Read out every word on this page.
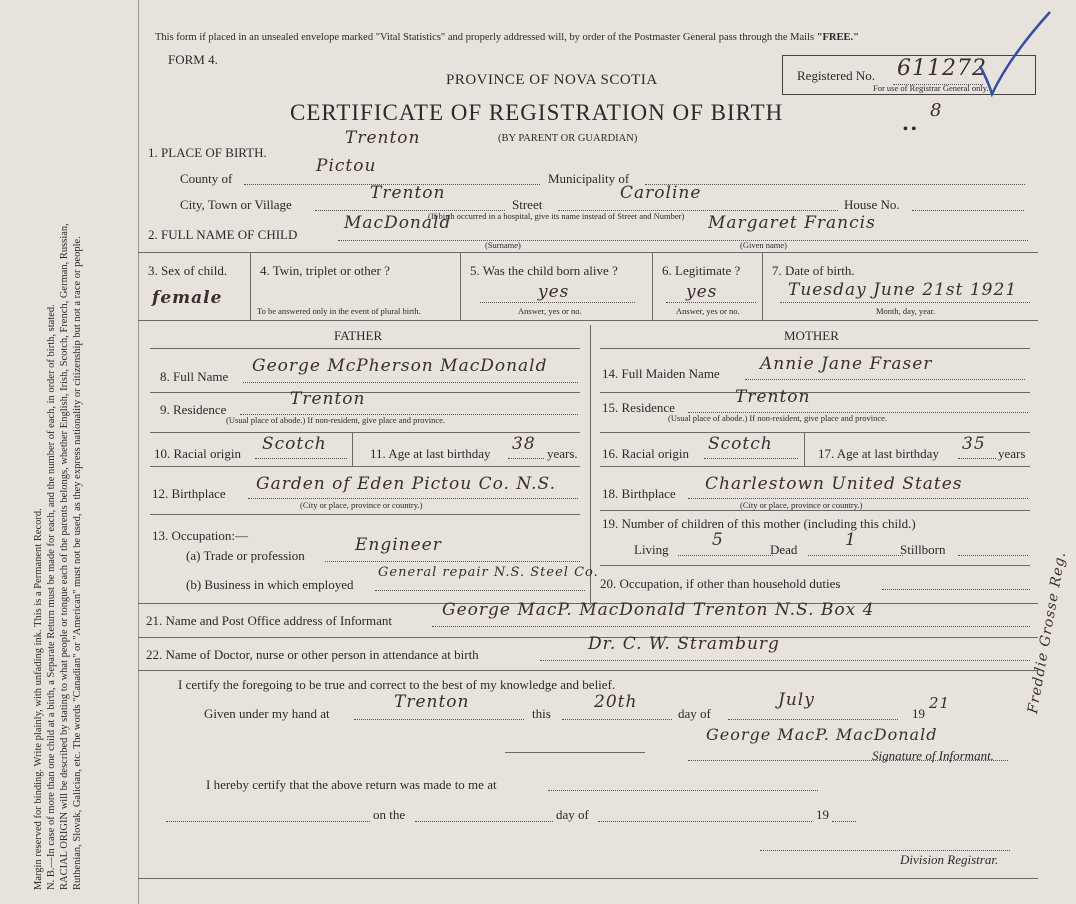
Margin reserved for binding. Write plainly, with unfading ink. This is a Permanent Record. N. B.—In case of more than one child at a birth, a Separate Return must be made for each, and the number of each, in order of birth, stated. RACIAL ORIGIN will be described by stating to what people or tongue each of the parents belongs, whether English, Irish, Scotch, French, German, Russian, Ruthenian, Slovak, Galician, etc. The words "Canadian" or "American" must not be used, as they express nationality or citizenship but not a race or people.

This form if placed in an unsealed envelope marked "Vital Statistics" and properly addressed will, by order of the Postmaster General pass through the Mails "FREE."
FORM 4.
PROVINCE OF NOVA SCOTIA
CERTIFICATE OF REGISTRATION OF BIRTH
(BY PARENT OR GUARDIAN)
Registered No. 611272
For use of Registrar General only.
8
• •
1. PLACE OF BIRTH.
Trenton
County of
Pictou
Municipality of
City, Town or Village
Trenton
Street
Caroline
House No.
(If birth occurred in a hospital, give its name instead of Street and Number)
2. FULL NAME OF CHILD
MacDonald
(Surname)
Margaret Francis
(Given name)
3. Sex of child.
female
4. Twin, triplet or other ?
To be answered only in the event of plural birth.
5. Was the child born alive ?
yes
Answer, yes or no.
6. Legitimate ?
yes
Answer, yes or no.
7. Date of birth.
Tuesday June 21st 1921
Month, day, year.
FATHER	MOTHER
8. Full Name
George McPherson MacDonald
9. Residence
Trenton
(Usual place of abode.) If non-resident, give place and province.
10. Racial origin Scotch	11. Age at last birthday 38 years.
12. Birthplace Garden of Eden Pictou Co. N.S.
(City or place, province or country.)
13. Occupation:—
(a) Trade or profession
Engineer
(b) Business in which employed
General repair N.S. Steel Co.
14. Full Maiden Name Annie Jane Fraser
15. Residence
Trenton
(Usual place of abode.) If non-resident, give place and province.
16. Racial origin Scotch	17. Age at last birthday 35 years
18. Birthplace Charlestown United States
(City or place, province or country.)
19. Number of children of this mother (including this child.)
Living	5	Dead	1	Stillborn
20. Occupation, if other than household duties
21. Name and Post Office address of Informant
George MacP. MacDonald Trenton N.S. Box 4
22. Name of Doctor, nurse or other person in attendance at birth
Dr. C. W. Stramburg
I certify the foregoing to be true and correct to the best of my knowledge and belief.
Given under my hand at
Trenton
this
20th
day of
July
19
21
George MacP. MacDonald
Signature of Informant.
Freddie Grosse Reg.
I hereby certify that the above return was made to me at
on the	day of	19
Division Registrar.
